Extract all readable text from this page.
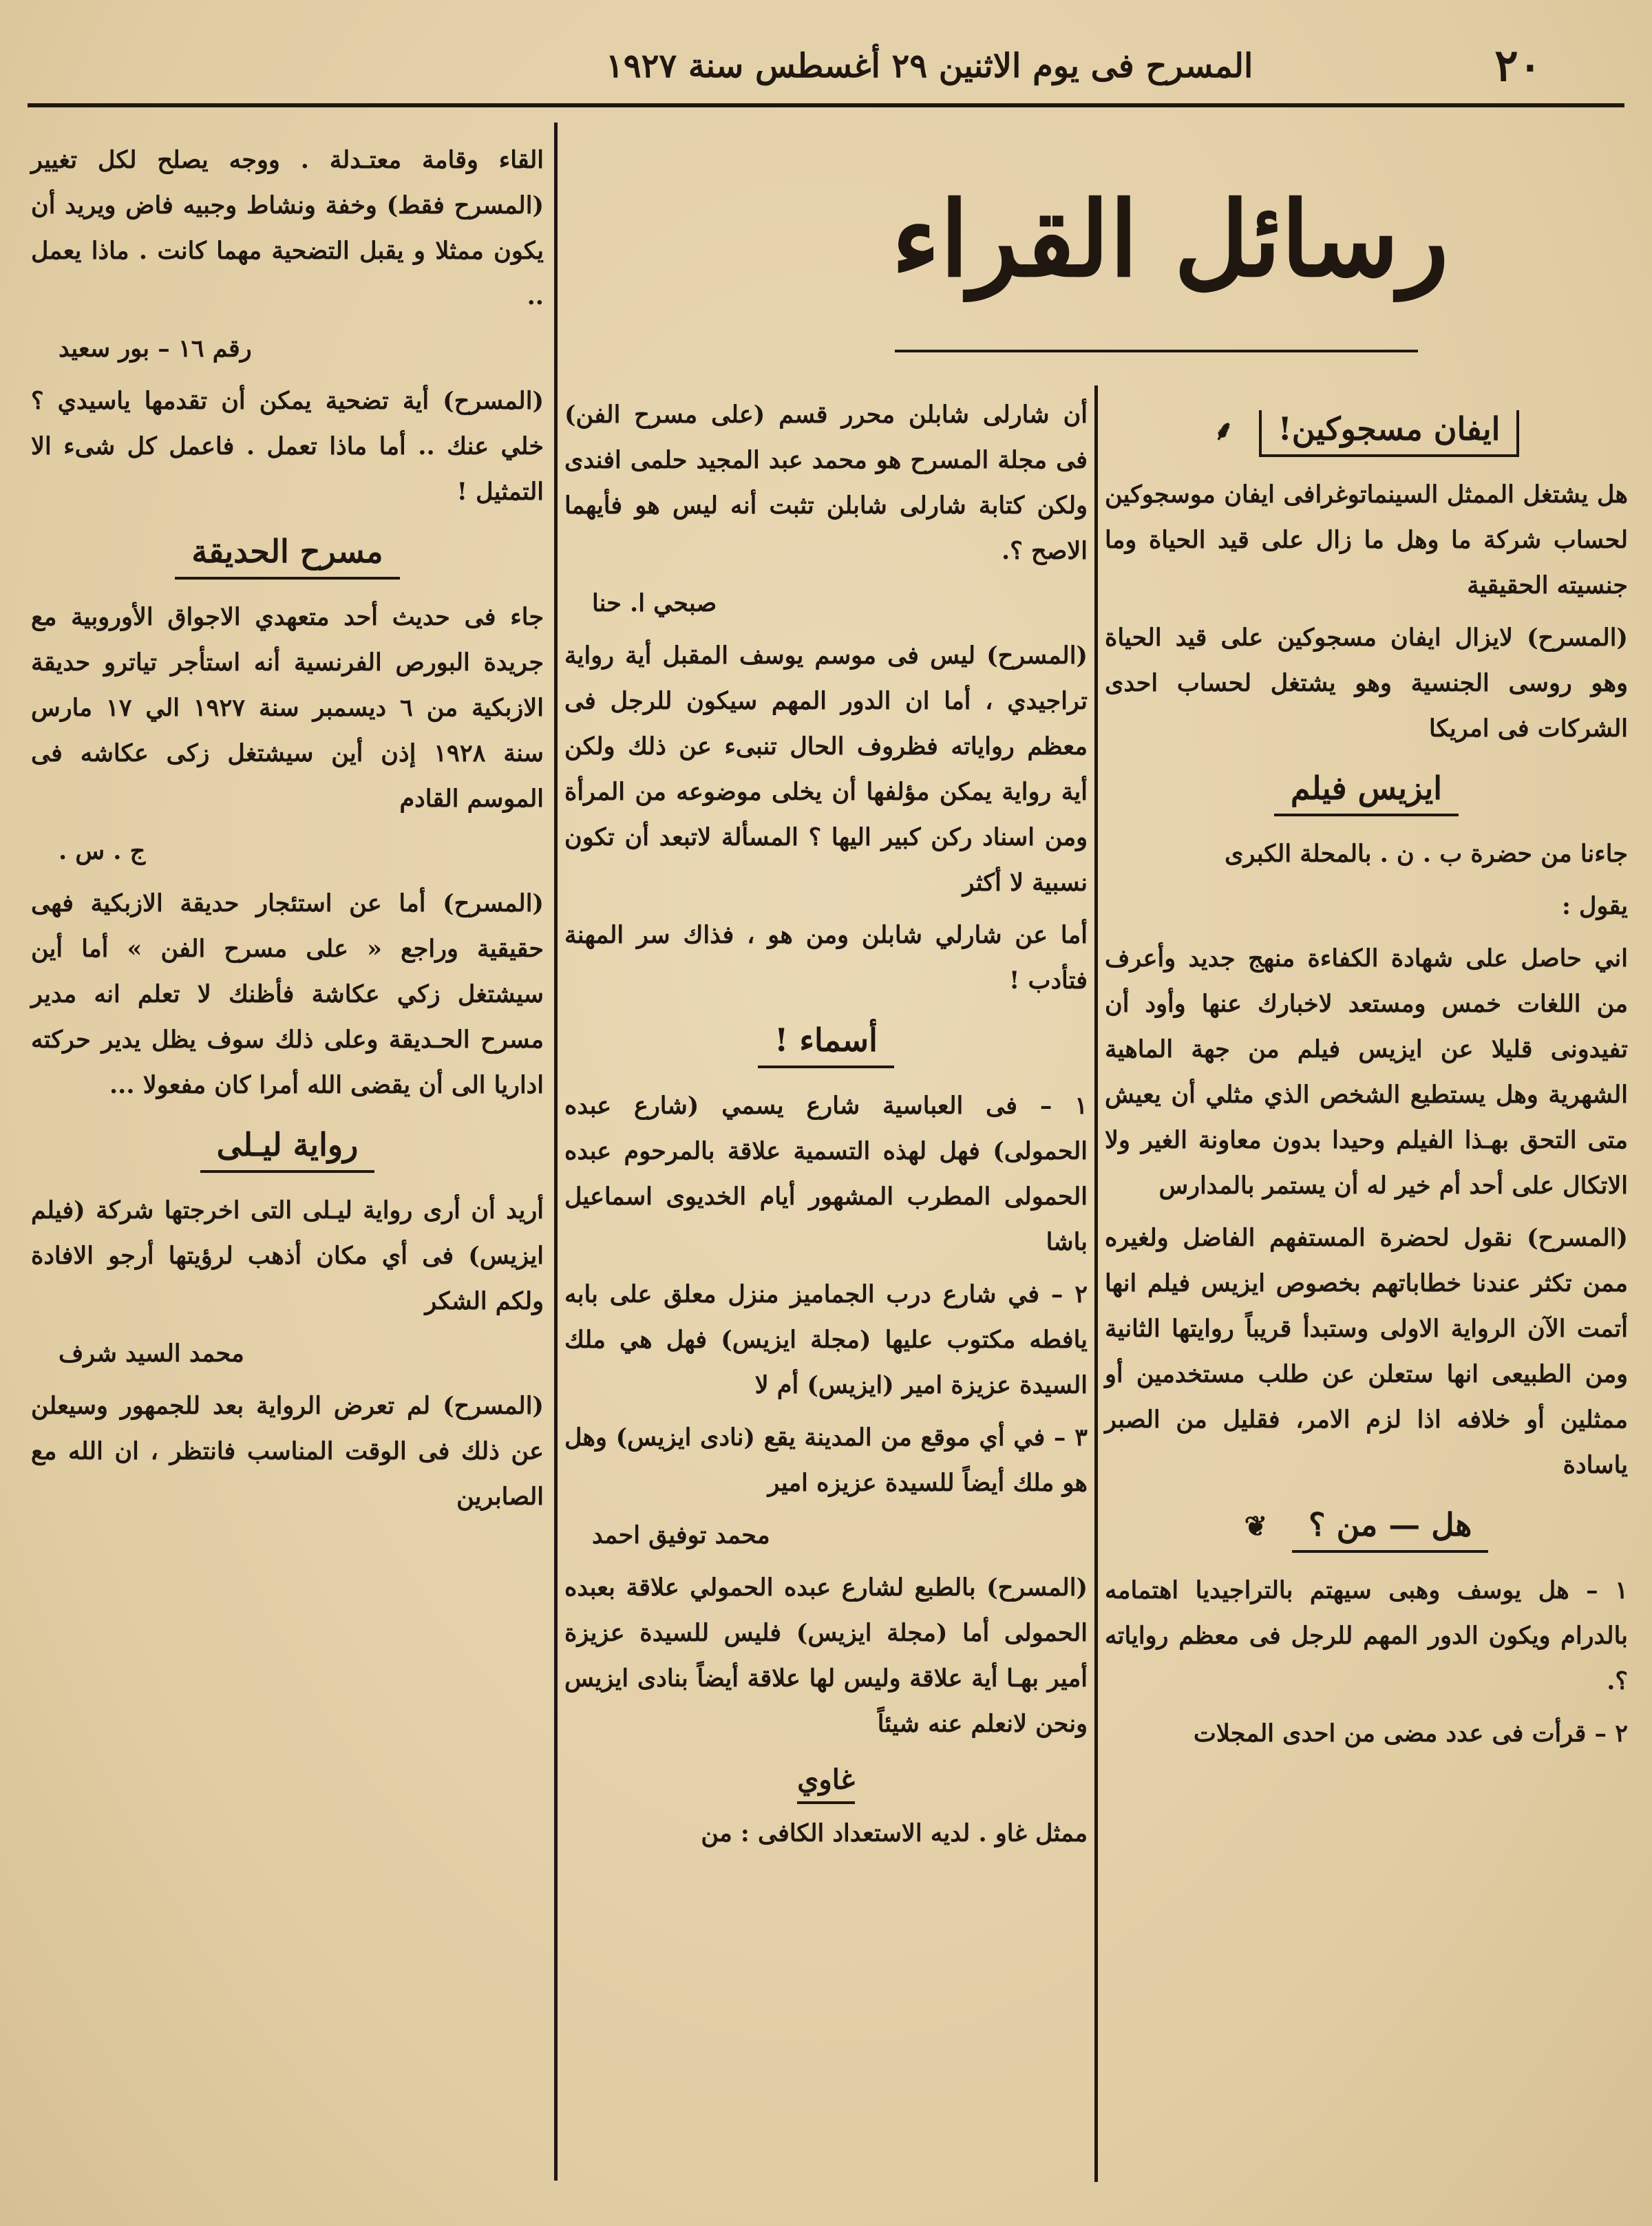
٢٠
المسرح فى يوم الاثنين ٢٩ أغسطس سنة ١٩٢٧
رسائل القراء
ايفان مسجوكين! ⸙

هل يشتغل الممثل السينماتوغرافى ايفان موسجوكين لحساب شركة ما وهل ما زال على قيد الحياة وما جنسيته الحقيقية

(المسرح) لايزال ايفان مسجوكين على قيد الحياة وهو روسى الجنسية وهو يشتغل لحساب احدى الشركات فى امريكا

ايزيس فيلم

جاءنا من حضرة ب . ن . بالمحلة الكبرى

يقول :

اني حاصل على شهادة الكفاءة منهج جديد وأعرف من اللغات خمس ومستعد لاخبارك عنها وأود أن تفيدونى قليلا عن ايزيس فيلم من جهة الماهية الشهرية وهل يستطيع الشخص الذي مثلي أن يعيش متى التحق بهـذا الفيلم وحيدا بدون معاونة الغير ولا الاتكال على أحد أم خير له أن يستمر بالمدارس

(المسرح) نقول لحضرة المستفهم الفاضل ولغيره ممن تكثر عندنا خطاباتهم بخصوص ايزيس فيلم انها أتمت الآن الرواية الاولى وستبدأ قريباً روايتها الثانية ومن الطبيعى انها ستعلن عن طلب مستخدمين أو ممثلين أو خلافه اذا لزم الامر، فقليل من الصبر ياسادة

هل — من ؟ ❦

١ – هل يوسف وهبى سيهتم بالتراجيديا اهتمامه بالدرام ويكون الدور المهم للرجل فى معظم رواياته ؟.

٢ – قرأت فى عدد مضى من احدى المجلات

أن شارلى شابلن محرر قسم (على مسرح الفن) فى مجلة المسرح هو محمد عبد المجيد حلمى افندى ولكن كتابة شارلى شابلن تثبت أنه ليس هو فأيهما الاصح ؟.

صبحي ا. حنا

(المسرح) ليس فى موسم يوسف المقبل أية رواية تراجيدي ، أما ان الدور المهم سيكون للرجل فى معظم رواياته فظروف الحال تنبىء عن ذلك ولكن أية رواية يمكن مؤلفها أن يخلى موضوعه من المرأة ومن اسناد ركن كبير اليها ؟ المسألة لاتبعد أن تكون نسبية لا أكثر

أما عن شارلي شابلن ومن هو ، فذاك سر المهنة فتأدب !

أسماء !

١ – فى العباسية شارع يسمي (شارع عبده الحمولى) فهل لهذه التسمية علاقة بالمرحوم عبده الحمولى المطرب المشهور أيام الخديوى اسماعيل باشا

٢ – في شارع درب الجماميز منزل معلق على بابه يافطه مكتوب عليها (مجلة ايزيس) فهل هي ملك السيدة عزيزة امير (ايزيس) أم لا

٣ – في أي موقع من المدينة يقع (نادى ايزيس) وهل هو ملك أيضاً للسيدة عزيزه امير

محمد توفيق احمد

(المسرح) بالطبع لشارع عبده الحمولي علاقة بعبده الحمولى أما (مجلة ايزيس) فليس للسيدة عزيزة أمير بهـا أية علاقة وليس لها علاقة أيضاً بنادى ايزيس ونحن لانعلم عنه شيئاً

غاوي

ممثل غاو . لديه الاستعداد الكافى : من

القاء وقامة معتـدلة . ووجه يصلح لكل تغيير (المسرح فقط) وخفة ونشاط وجبيه فاض ويريد أن يكون ممثلا و يقبل التضحية مهما كانت . ماذا يعمل ..

رقم ١٦ – بور سعيد

(المسرح) أية تضحية يمكن أن تقدمها ياسيدي ؟ خلي عنك .. أما ماذا تعمل . فاعمل كل شىء الا التمثيل !

مسرح الحديقة

جاء فى حديث أحد متعهدي الاجواق الأوروبية مع جريدة البورص الفرنسية أنه استأجر تياترو حديقة الازبكية من ٦ ديسمبر سنة ١٩٢٧ الي ١٧ مارس سنة ١٩٢٨ إذن أين سيشتغل زكى عكاشه فى الموسم القادم

ج . س .

(المسرح) أما عن استئجار حديقة الازبكية فهى حقيقية وراجع « على مسرح الفن » أما أين سيشتغل زكي عكاشة فأظنك لا تعلم انه مدير مسرح الحـديقة وعلى ذلك سوف يظل يدير حركته اداريا الى أن يقضى الله أمرا كان مفعولا ...

رواية ليـلى

أريد أن أرى رواية ليـلى التى اخرجتها شركة (فيلم ايزيس) فى أي مكان أذهب لرؤيتها أرجو الافادة ولكم الشكر

محمد السيد شرف

(المسرح) لم تعرض الرواية بعد للجمهور وسيعلن عن ذلك فى الوقت المناسب فانتظر ، ان الله مع الصابرين
